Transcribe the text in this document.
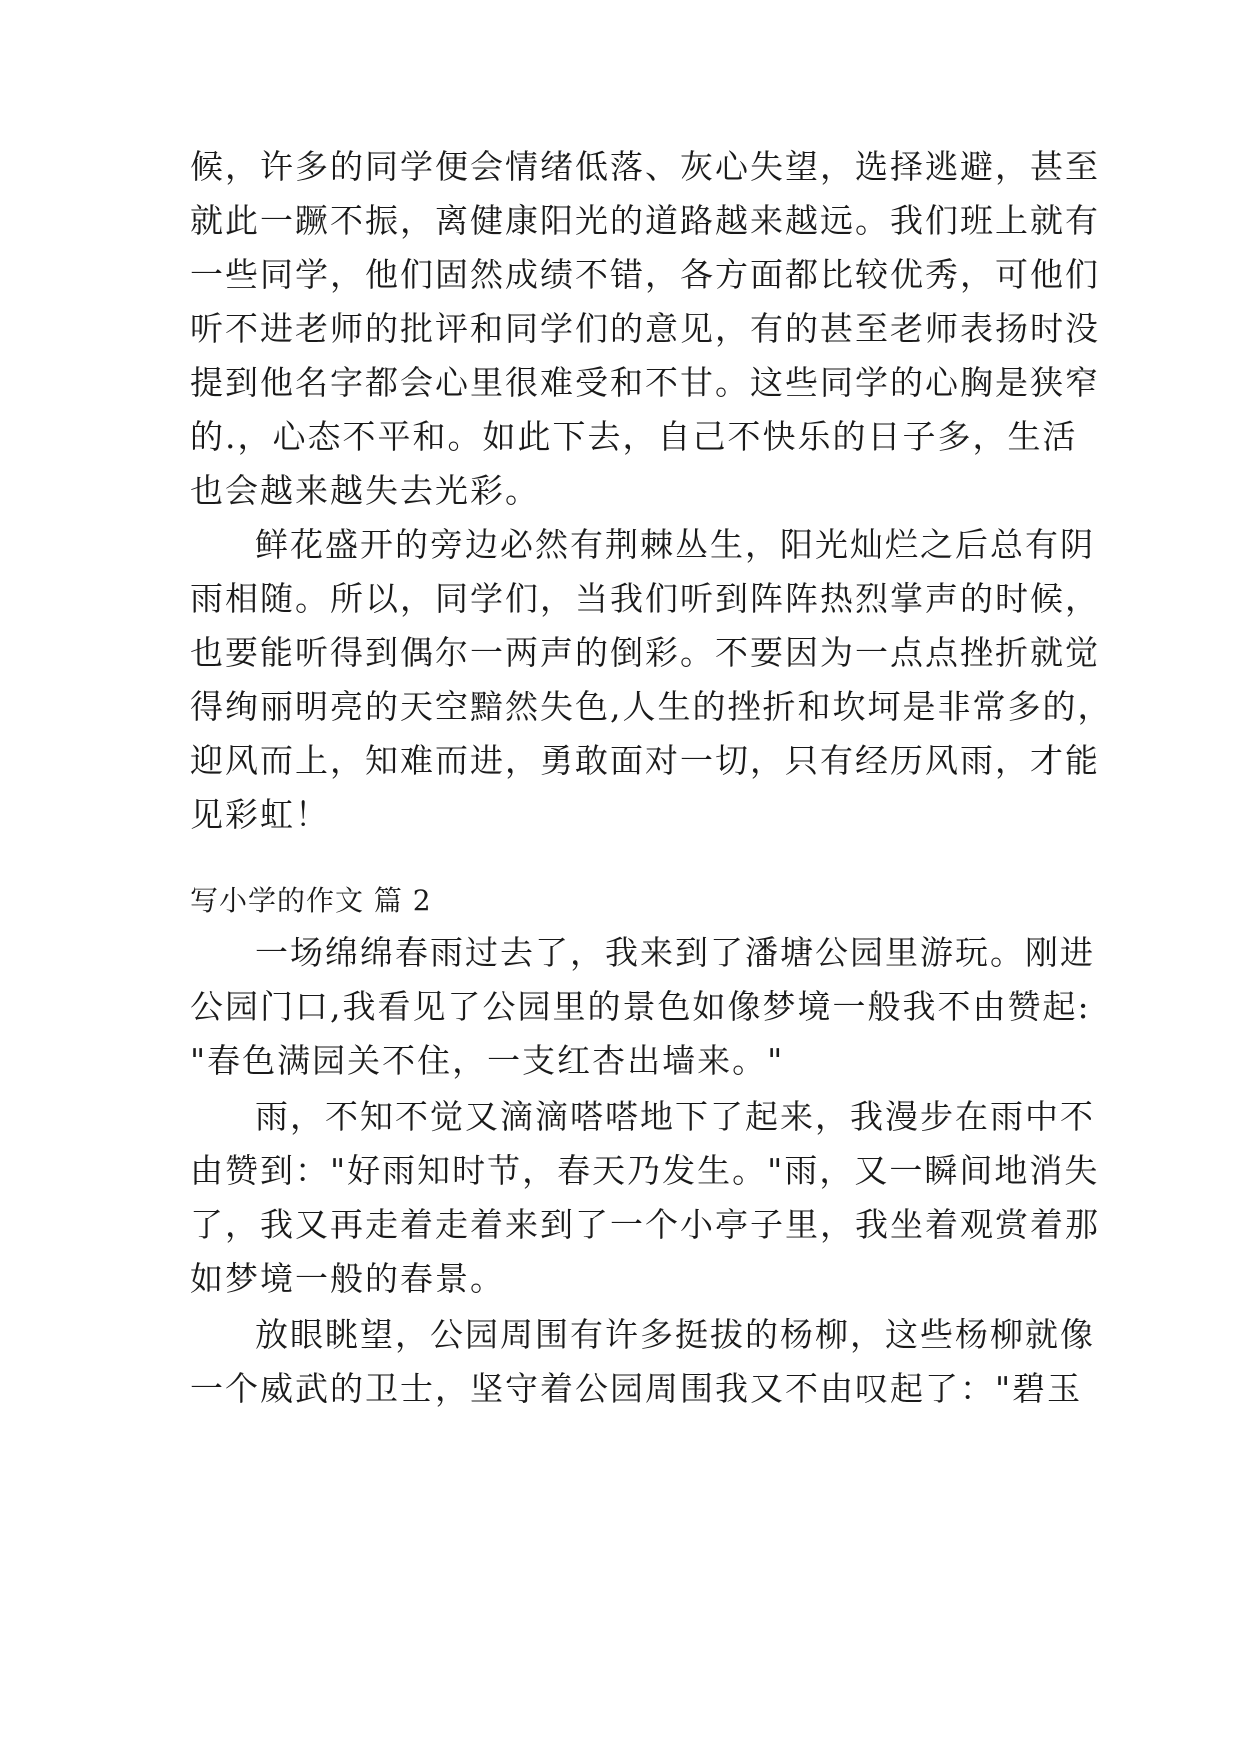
候，许多的同学便会情绪低落、灰心失望，选择逃避，甚至

就此一蹶不振，离健康阳光的道路越来越远。我们班上就有

一些同学，他们固然成绩不错，各方面都比较优秀，可他们

听不进老师的批评和同学们的意见，有的甚至老师表扬时没

提到他名字都会心里很难受和不甘。这些同学的心胸是狭窄

的.，心态不平和。如此下去，自己不快乐的日子多，生活

也会越来越失去光彩。

鲜花盛开的旁边必然有荆棘丛生，阳光灿烂之后总有阴

雨相随。所以，同学们，当我们听到阵阵热烈掌声的时候，

也要能听得到偶尔一两声的倒彩。不要因为一点点挫折就觉

得绚丽明亮的天空黯然失色,人生的挫折和坎坷是非常多的，

迎风而上，知难而进，勇敢面对一切，只有经历风雨，才能

见彩虹！

写小学的作文 篇 2

一场绵绵春雨过去了，我来到了潘塘公园里游玩。刚进

公园门口,我看见了公园里的景色如像梦境一般我不由赞起:

"春色满园关不住，一支红杏出墙来。"

雨，不知不觉又滴滴嗒嗒地下了起来，我漫步在雨中不

由赞到："好雨知时节，春天乃发生。"雨，又一瞬间地消失

了，我又再走着走着来到了一个小亭子里，我坐着观赏着那

如梦境一般的春景。

放眼眺望，公园周围有许多挺拔的杨柳，这些杨柳就像

一个威武的卫士，坚守着公园周围我又不由叹起了："碧玉
